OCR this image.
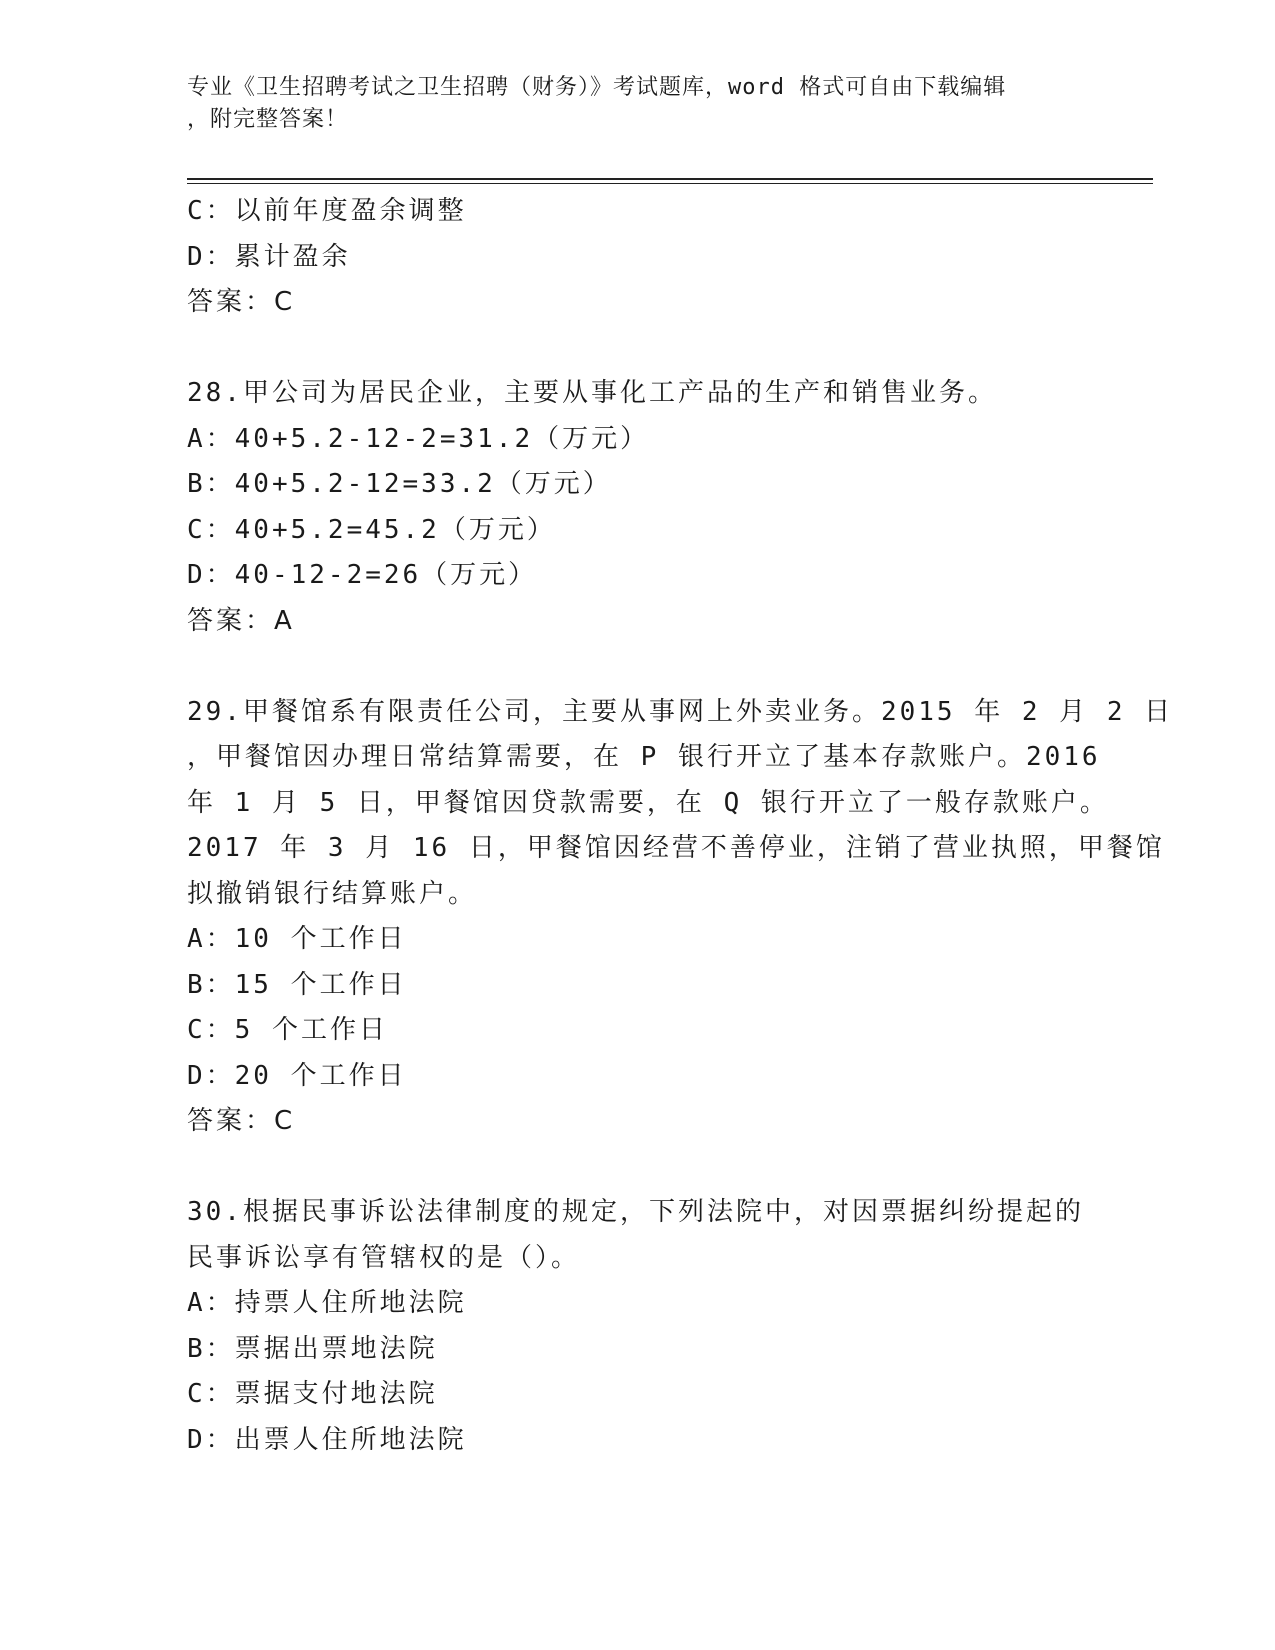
专业《卫生招聘考试之卫生招聘（财务）》考试题库，word 格式可自由下载编辑
，附完整答案！
C：以前年度盈余调整
D：累计盈余
答案：C
28.甲公司为居民企业，主要从事化工产品的生产和销售业务。
A：40+5.2-12-2=31.2（万元）
B：40+5.2-12=33.2（万元）
C：40+5.2=45.2（万元）
D：40-12-2=26（万元）
答案：A
29.甲餐馆系有限责任公司，主要从事网上外卖业务。2015 年 2 月 2 日
，甲餐馆因办理日常结算需要，在 P 银行开立了基本存款账户。2016
年 1 月 5 日，甲餐馆因贷款需要，在 Q 银行开立了一般存款账户。
2017 年 3 月 16 日，甲餐馆因经营不善停业，注销了营业执照，甲餐馆
拟撤销银行结算账户。
A：10 个工作日
B：15 个工作日
C：5 个工作日
D：20 个工作日
答案：C
30.根据民事诉讼法律制度的规定，下列法院中，对因票据纠纷提起的
民事诉讼享有管辖权的是（）。
A：持票人住所地法院
B：票据出票地法院
C：票据支付地法院
D：出票人住所地法院
